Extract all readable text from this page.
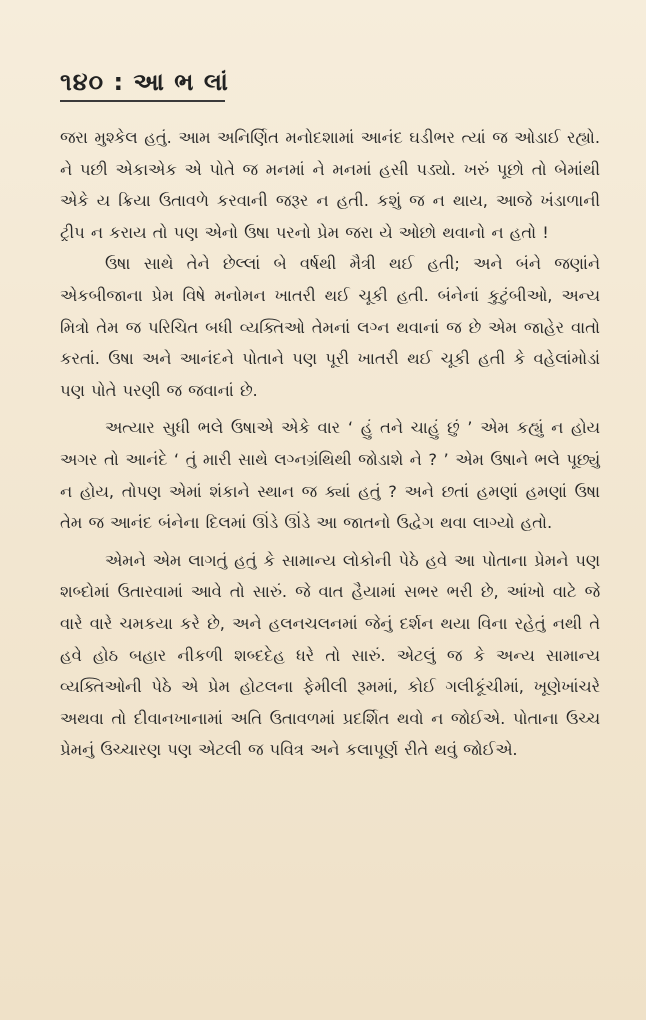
૧૪૦ : આ ભ લાં

જરા મુશ્કેલ હતું. આમ અનિર્ણિત મનોદશામાં આનંદ ઘડીભર ત્યાં જ ઓડાઈ રહ્યો. ને પછી એકાએક એ પોતે જ મનમાં ને મનમાં હસી પડ્યો. ખરું પૂછો તો બેમાંથી એકે ય ક્રિયા ઉતાવળે કરવાની જરૂર ન હતી. કશું જ ન થાય, આજે ખંડાળાની ટ્રીપ ન કરાય તો પણ એનો ઉષા પરનો પ્રેમ જરા યે ઓછો થવાનો ન હતો !

ઉષા સાથે તેને છેલ્લાં બે વર્ષથી મૈત્રી થઈ હતી; અને બંને જણાંને એકબીજાના પ્રેમ વિષે મનોમન ખાતરી થઈ ચૂકી હતી. બંનેનાં કુટુંબીઓ, અન્ય મિત્રો તેમ જ પરિચિત બધી વ્યક્તિઓ તેમનાં લગ્ન થવાનાં જ છે એમ જાહેર વાતો કરતાં. ઉષા અને આનંદને પોતાને પણ પૂરી ખાતરી થઈ ચૂકી હતી કે વહેલાંમોડાં પણ પોતે પરણી જ જવાનાં છે.

અત્યાર સુધી ભલે ઉષાએ એકે વાર ‘ હું તને ચાહું છું ’ એમ કહ્યું ન હોય અગર તો આનંદે ‘ તું મારી સાથે લગ્નગ્રંથિથી જોડાશે ને ? ’ એમ ઉષાને ભલે પૂછ્યું ન હોય, તોપણ એમાં શંકાને સ્થાન જ ક્યાં હતું ? અને છતાં હમણાં હમણાં ઉષા તેમ જ આનંદ બંનેના દિલમાં ઊંડે ઊંડે આ જાતનો ઉદ્વેગ થવા લાગ્યો હતો.

એમને એમ લાગતું હતું કે સામાન્ય લોકોની પેઠે હવે આ પોતાના પ્રેમને પણ શબ્દોમાં ઉતારવામાં આવે તો સારું. જે વાત હૈયામાં સભર ભરી છે, આંખો વાટે જે વારે વારે ચમકયા કરે છે, અને હલનચલનમાં જેનું દર્શન થયા વિના રહેતું નથી તે હવે હોઠ બહાર નીકળી શબ્દદેહ ધરે તો સારું. એટલું જ કે અન્ય સામાન્ય વ્યક્તિઓની પેઠે એ પ્રેમ હોટલના ફેમીલી રૂમમાં, કોઈ ગલીકૂંચીમાં, ખૂણેખાંચરે અથવા તો દીવાનખાનામાં અતિ ઉતાવળમાં પ્રદર્શિત થવો ન જોઈએ. પોતાના ઉચ્ચ પ્રેમનું ઉચ્ચારણ પણ એટલી જ પવિત્ર અને કલાપૂર્ણ રીતે થવું જોઈએ.
